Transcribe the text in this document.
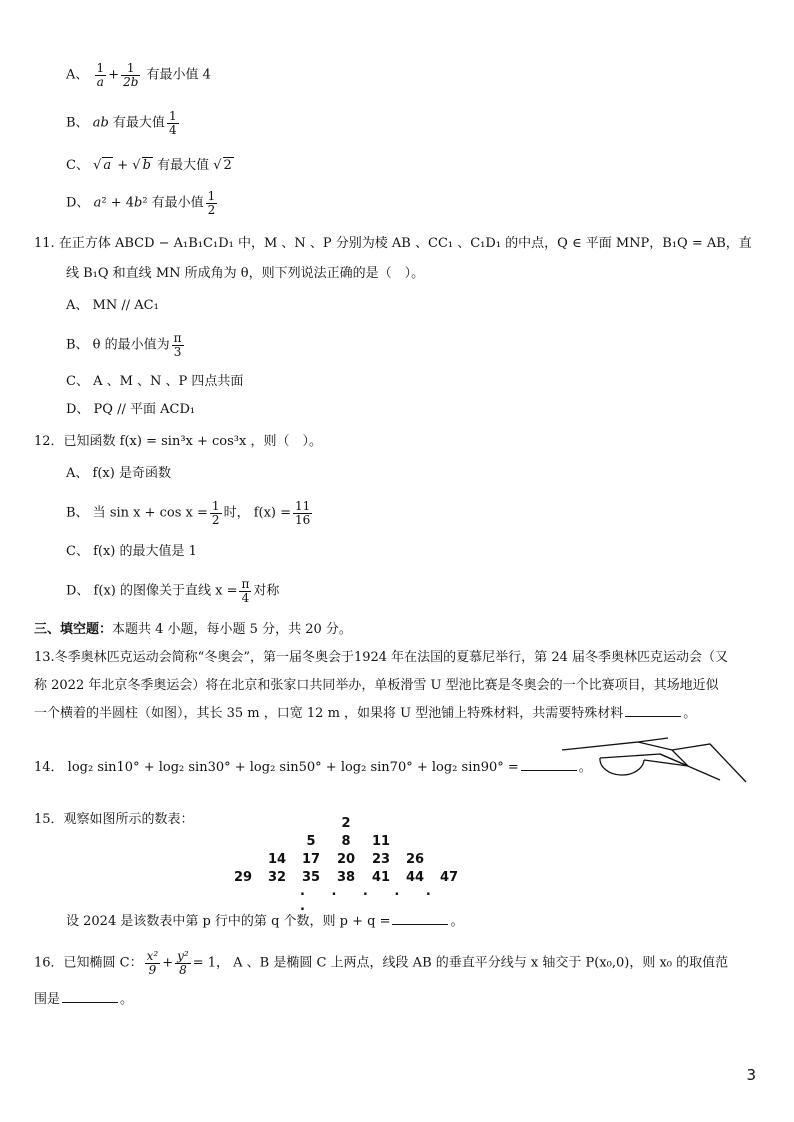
A、 $\frac{1}{a} + \frac{1}{2b}$ 有最小值 4
B、 ab 有最大值 $\frac{1}{4}$
C、 √ a + √ b 有最大值 √ 2
D、 a² + 4b² 有最小值 $\frac{1}{2}$
11. 在正方体 ABCD − A₁B₁C₁D₁ 中，M 、N 、P 分别为棱 AB 、CC₁ 、C₁D₁ 的中点，Q ∈ 平面 MNP，B₁Q = AB，直
线 B₁Q 和直线 MN 所成角为 θ，则下列说法正确的是（　）。
A、 MN // AC₁
B、 θ 的最小值为 $\frac{\pi}{3}$
C、 A 、M 、N 、P 四点共面
D、 PQ // 平面 ACD₁
12．已知函数 f(x) = sin³x + cos³x ，则（　）。
A、 f(x) 是奇函数
B、 当 $\sin x + \cos x = \frac{1}{2}$ 时， $f(x) = \frac{11}{16}$
C、 f(x) 的最大值是 1
D、 f(x) 的图像关于直线 $x = \frac{\pi}{4}$ 对称
三、填空题：本题共 4 小题，每小题 5 分，共 20 分。
13.冬季奥林匹克运动会简称“冬奥会”，第一届冬奥会于1924 年在法国的夏慕尼举行，第 24 届冬季奥林匹克运动会（又
称 2022 年北京冬季奥运会）将在北京和张家口共同举办，单板滑雪 U 型池比赛是冬奥会的一个比赛项目，其场地近似
一个横着的半圆柱（如图），其长 35 m ，口宽 12 m ，如果将 U 型池铺上特殊材料，共需要特殊材料	。
14． log₂ sin10° + log₂ sin30° + log₂ sin50° + log₂ sin70° + log₂ sin90° =	。
15．观察如图所示的数表：	2
5	8	11
14	17	20	23	26
29	32	35	38	41	44	47
. . . . . .
设 2024 是该数表中第 p 行中的第 q 个数，则 p + q =	。
16．已知椭圆 C： $\frac{\text{x²}}{9} + \frac{\text{y²}}{8} = 1$， A 、B 是椭圆 C 上两点，线段 AB 的垂直平分线与 x 轴交于 P(x₀,0)，则 x₀ 的取值范
围是	。
3
